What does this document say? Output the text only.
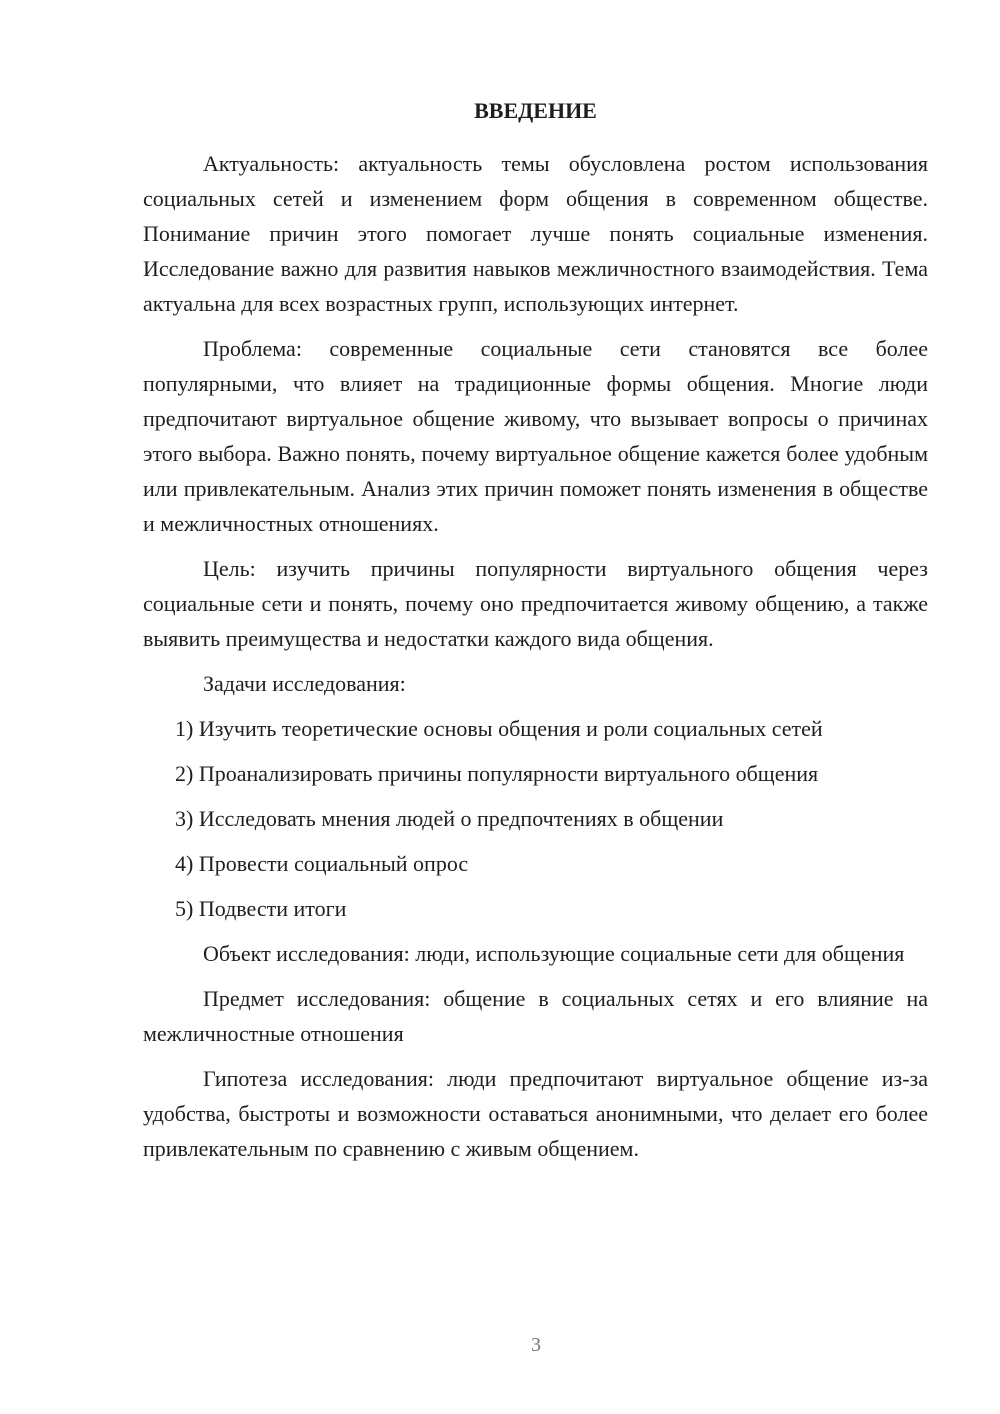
ВВЕДЕНИЕ

Актуальность: актуальность темы обусловлена ростом использования социальных сетей и изменением форм общения в современном обществе. Понимание причин этого помогает лучше понять социальные изменения. Исследование важно для развития навыков межличностного взаимодействия. Тема актуальна для всех возрастных групп, использующих интернет.

Проблема: современные социальные сети становятся все более популярными, что влияет на традиционные формы общения. Многие люди предпочитают виртуальное общение живому, что вызывает вопросы о причинах этого выбора. Важно понять, почему виртуальное общение кажется более удобным или привлекательным. Анализ этих причин поможет понять изменения в обществе и межличностных отношениях.

Цель: изучить причины популярности виртуального общения через социальные сети и понять, почему оно предпочитается живому общению, а также выявить преимущества и недостатки каждого вида общения.

Задачи исследования:

1) Изучить теоретические основы общения и роли социальных сетей
2) Проанализировать причины популярности виртуального общения
3) Исследовать мнения людей о предпочтениях в общении
4) Провести социальный опрос
5) Подвести итоги

Объект исследования: люди, использующие социальные сети для общения

Предмет исследования: общение в социальных сетях и его влияние на межличностные отношения

Гипотеза исследования: люди предпочитают виртуальное общение из-за удобства, быстроты и возможности оставаться анонимными, что делает его более привлекательным по сравнению с живым общением.

3
